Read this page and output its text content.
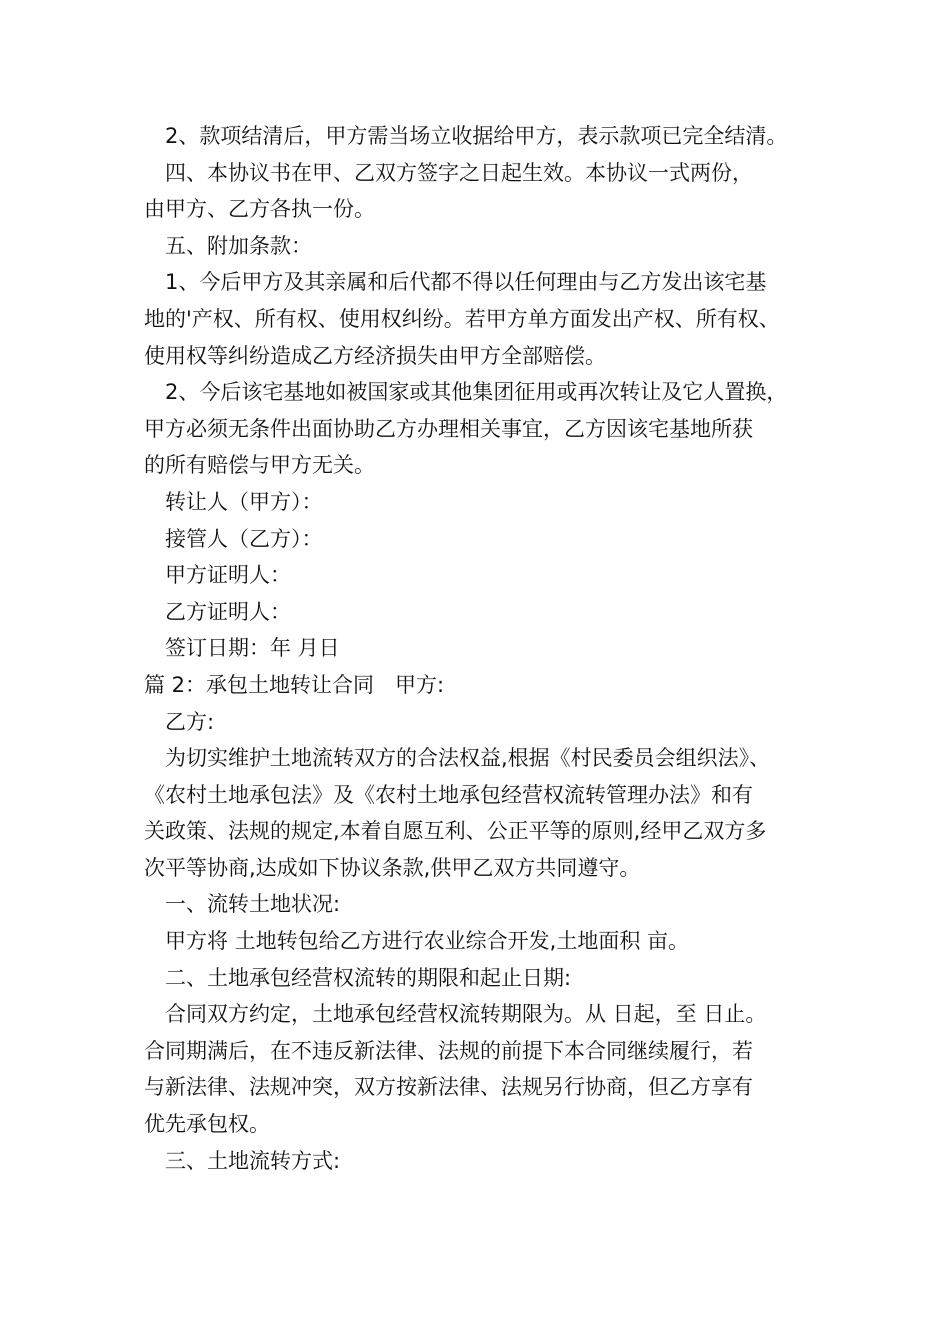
2、款项结清后，甲方需当场立收据给甲方，表示款项已完全结清。

四、本协议书在甲、乙双方签字之日起生效。本协议一式两份，

由甲方、乙方各执一份。

五、附加条款：

1、今后甲方及其亲属和后代都不得以任何理由与乙方发出该宅基

地的'产权、所有权、使用权纠纷。若甲方单方面发出产权、所有权、

使用权等纠纷造成乙方经济损失由甲方全部赔偿。

2、今后该宅基地如被国家或其他集团征用或再次转让及它人置换，

甲方必须无条件出面协助乙方办理相关事宜，乙方因该宅基地所获

的所有赔偿与甲方无关。

转让人（甲方）：

接管人（乙方）：

甲方证明人：

乙方证明人：

签订日期：年 月日

篇 2：承包土地转让合同　甲方:

乙方:

为切实维护土地流转双方的合法权益,根据《村民委员会组织法》、

《农村土地承包法》及《农村土地承包经营权流转管理办法》和有

关政策、法规的规定,本着自愿互利、公正平等的原则,经甲乙双方多

次平等协商,达成如下协议条款,供甲乙双方共同遵守。

一、流转土地状况:

甲方将 土地转包给乙方进行农业综合开发,土地面积 亩。

二、土地承包经营权流转的期限和起止日期:

合同双方约定，土地承包经营权流转期限为。从 日起，至 日止。

合同期满后，在不违反新法律、法规的前提下本合同继续履行，若

与新法律、法规冲突，双方按新法律、法规另行协商，但乙方享有

优先承包权。

三、土地流转方式:
